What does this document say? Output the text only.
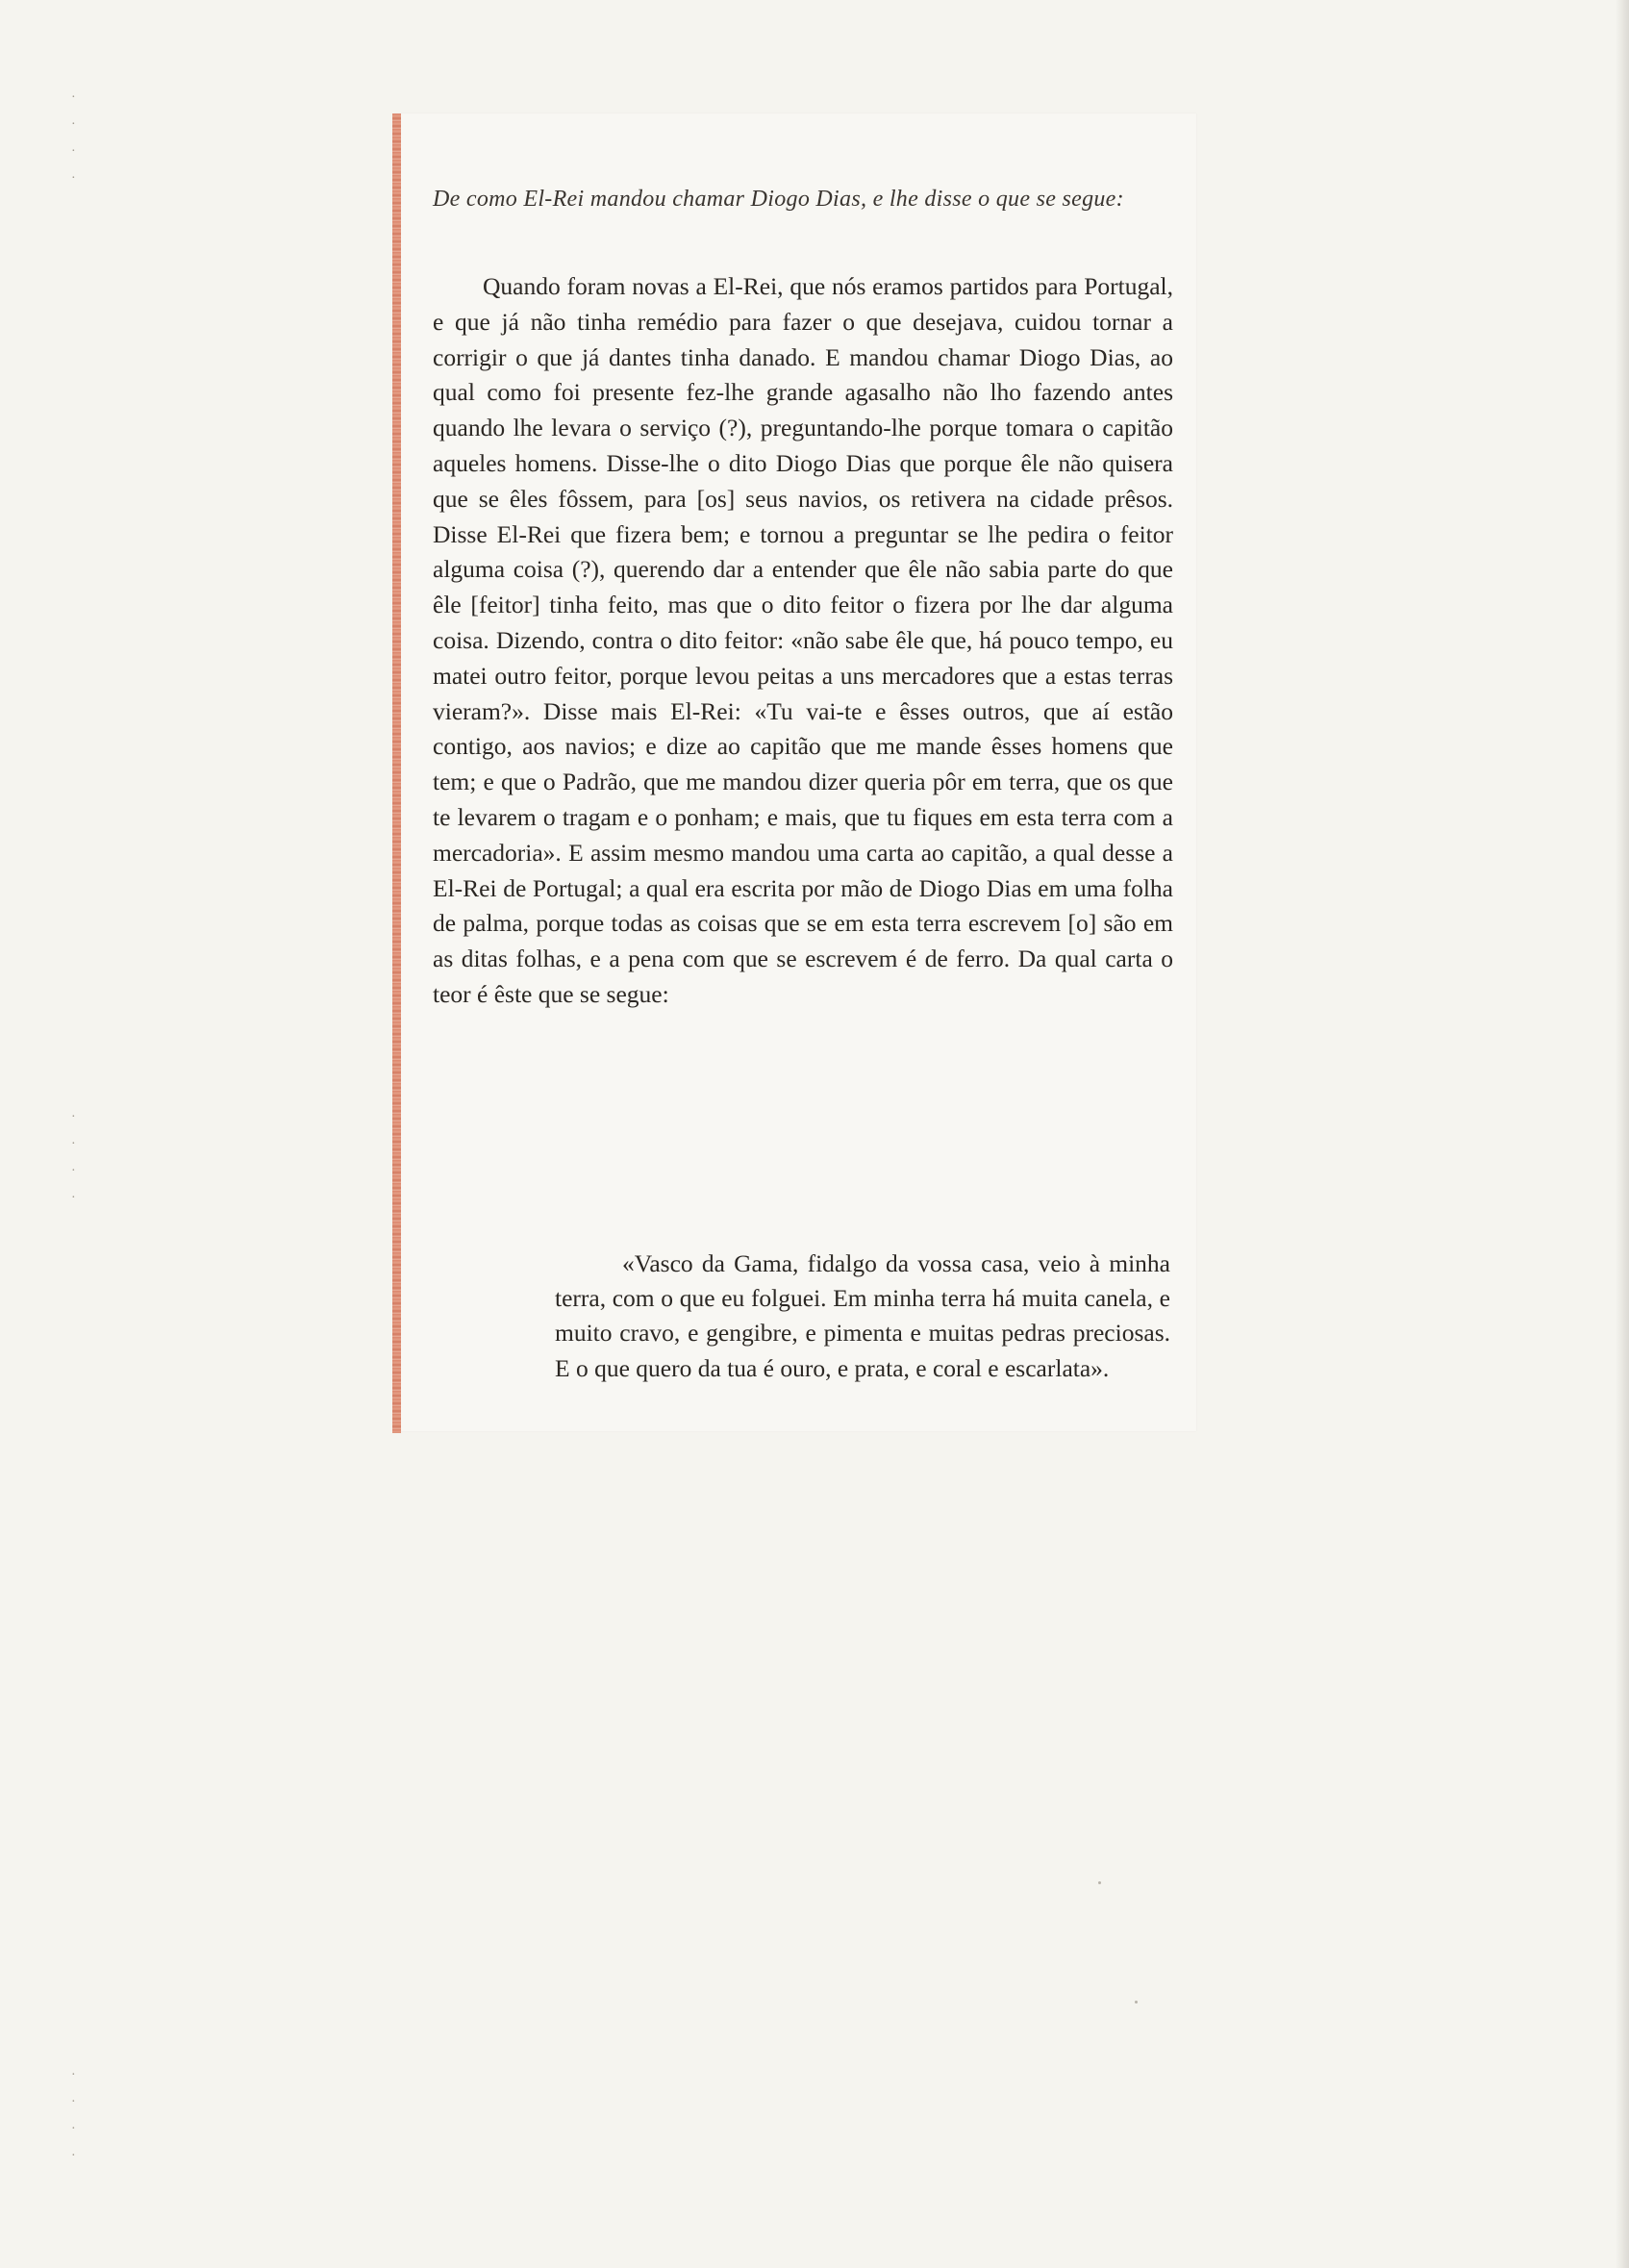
·
·
·
·
·
·
·
·
·
·
·
·
De como El-Rei mandou chamar Diogo Dias, e lhe disse o que se segue:

Quando foram novas a El-Rei, que nós eramos partidos para Portugal, e que já não tinha remédio para fazer o que desejava, cuidou tornar a corrigir o que já dantes tinha danado. E mandou chamar Diogo Dias, ao qual como foi presente fez-lhe grande agasalho não lho fazendo antes quando lhe levara o serviço (?), preguntando-lhe porque tomara o capitão aqueles homens. Disse-lhe o dito Diogo Dias que porque êle não quisera que se êles fôssem, para [os] seus navios, os retivera na cidade prêsos. Disse El-Rei que fizera bem; e tornou a preguntar se lhe pedira o feitor alguma coisa (?), querendo dar a entender que êle não sabia parte do que êle [feitor] tinha feito, mas que o dito feitor o fizera por lhe dar alguma coisa. Dizendo, contra o dito feitor: «não sabe êle que, há pouco tempo, eu matei outro feitor, porque levou peitas a uns mercadores que a estas terras vieram?». Disse mais El-Rei: «Tu vai-te e êsses outros, que aí estão contigo, aos navios; e dize ao capitão que me mande êsses homens que tem; e que o Padrão, que me mandou dizer queria pôr em terra, que os que te levarem o tragam e o ponham; e mais, que tu fiques em esta terra com a mercadoria». E assim mesmo mandou uma carta ao capitão, a qual desse a El-Rei de Portugal; a qual era escrita por mão de Diogo Dias em uma folha de palma, porque todas as coisas que se em esta terra escrevem [o] são em as ditas folhas, e a pena com que se escrevem é de ferro. Da qual carta o teor é êste que se segue:

«Vasco da Gama, fidalgo da vossa casa, veio à minha terra, com o que eu folguei. Em minha terra há muita canela, e muito cravo, e gengibre, e pimenta e muitas pedras preciosas. E o que quero da tua é ouro, e prata, e coral e escarlata».
